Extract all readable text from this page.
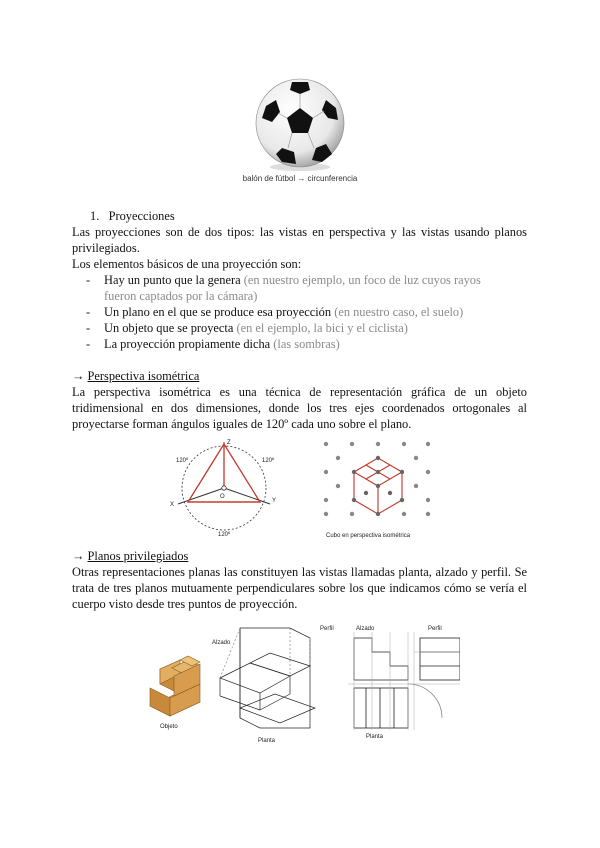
balón de fútbol → circunferencia
1. Proyecciones
Las proyecciones son de dos tipos: las vistas en perspectiva y las vistas usando planos privilegiados.
Los elementos básicos de una proyección son:
- Hay un punto que la genera (en nuestro ejemplo, un foco de luz cuyos rayos fueron captados por la cámara)
- Un plano en el que se produce esa proyección (en nuestro caso, el suelo)
- Un objeto que se proyecta (en el ejemplo, la bici y el ciclista)
- La proyección propiamente dicha (las sombras)
→ Perspectiva isométrica
La perspectiva isométrica es una técnica de representación gráfica de un objeto tridimensional en dos dimensiones, donde los tres ejes coordenados ortogonales al proyectarse forman ángulos iguales de 120º cada uno sobre el plano.
120º	120º
120º
X
Y
Z
O
Cubo en perspectiva isométrica
→ Planos privilegiados
Otras representaciones planas las constituyen las vistas llamadas planta, alzado y perfil. Se trata de tres planos mutuamente perpendiculares sobre los que indicamos cómo se vería el cuerpo visto desde tres puntos de proyección.
Objeto
Alzado
Perfil
Planta
Alzado	Perfil
Planta
